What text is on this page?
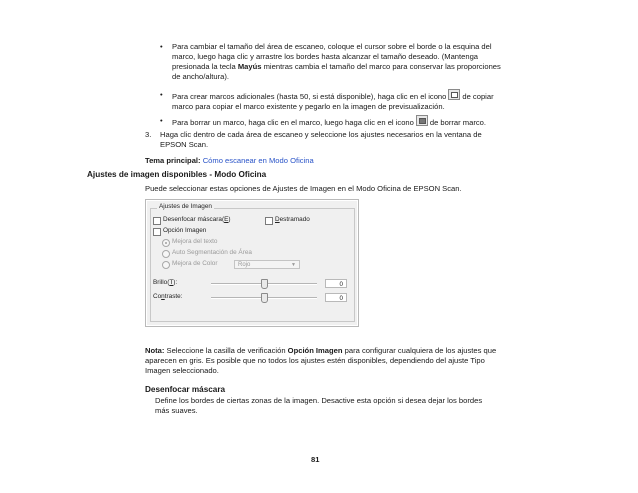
• Para cambiar el tamaño del área de escaneo, coloque el cursor sobre el borde o la esquina del
marco, luego haga clic y arrastre los bordes hasta alcanzar el tamaño deseado. (Mantenga
presionada la tecla Mayús mientras cambia el tamaño del marco para conservar las proporciones
de ancho/altura).
• Para crear marcos adicionales (hasta 50, si está disponible), haga clic en el icono de copiar
marco para copiar el marco existente y pegarlo en la imagen de previsualización.
• Para borrar un marco, haga clic en el marco, luego haga clic en el icono de borrar marco.
3. Haga clic dentro de cada área de escaneo y seleccione los ajustes necesarios en la ventana de
EPSON Scan.
Tema principal: Cómo escanear en Modo Oficina
Ajustes de imagen disponibles - Modo Oficina
Puede seleccionar estas opciones de Ajustes de Imagen en el Modo Oficina de EPSON Scan.
Ajustes de Imagen
Desenfocar máscara(E)	Destramado
Opción Imagen
Mejora del texto
Auto Segmentación de Área
Mejora de Color	Rojo	▼
Brillo(T):	0
Contraste:	0
Nota: Seleccione la casilla de verificación Opción Imagen para configurar cualquiera de los ajustes que
aparecen en gris. Es posible que no todos los ajustes estén disponibles, dependiendo del ajuste Tipo
Imagen seleccionado.
Desenfocar máscara
Define los bordes de ciertas zonas de la imagen. Desactive esta opción si desea dejar los bordes
más suaves.
81
